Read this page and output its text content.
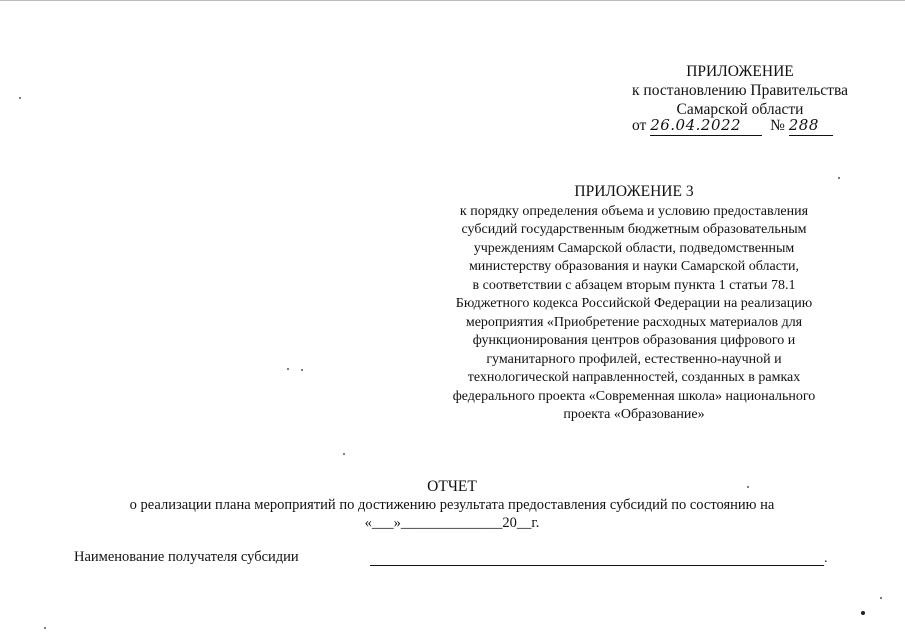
ПРИЛОЖЕНИЕ
к постановлению Правительства
Самарской области
от 26.04.2022 № 288
ПРИЛОЖЕНИЕ 3
к порядку определения объема и условию предоставления
субсидий государственным бюджетным образовательным
учреждениям Самарской области, подведомственным
министерству образования и науки Самарской области,
в соответствии с абзацем вторым пункта 1 статьи 78.1
Бюджетного кодекса Российской Федерации на реализацию
мероприятия «Приобретение расходных материалов для
функционирования центров образования цифрового и
гуманитарного профилей, естественно-научной и
технологической направленностей, созданных в рамках
федерального проекта «Современная школа» национального
проекта «Образование»
ОТЧЕТ
о реализации плана мероприятий по достижению результата предоставления субсидий по состоянию на
«___»______________20__г.
Наименование получателя субсидии	.
